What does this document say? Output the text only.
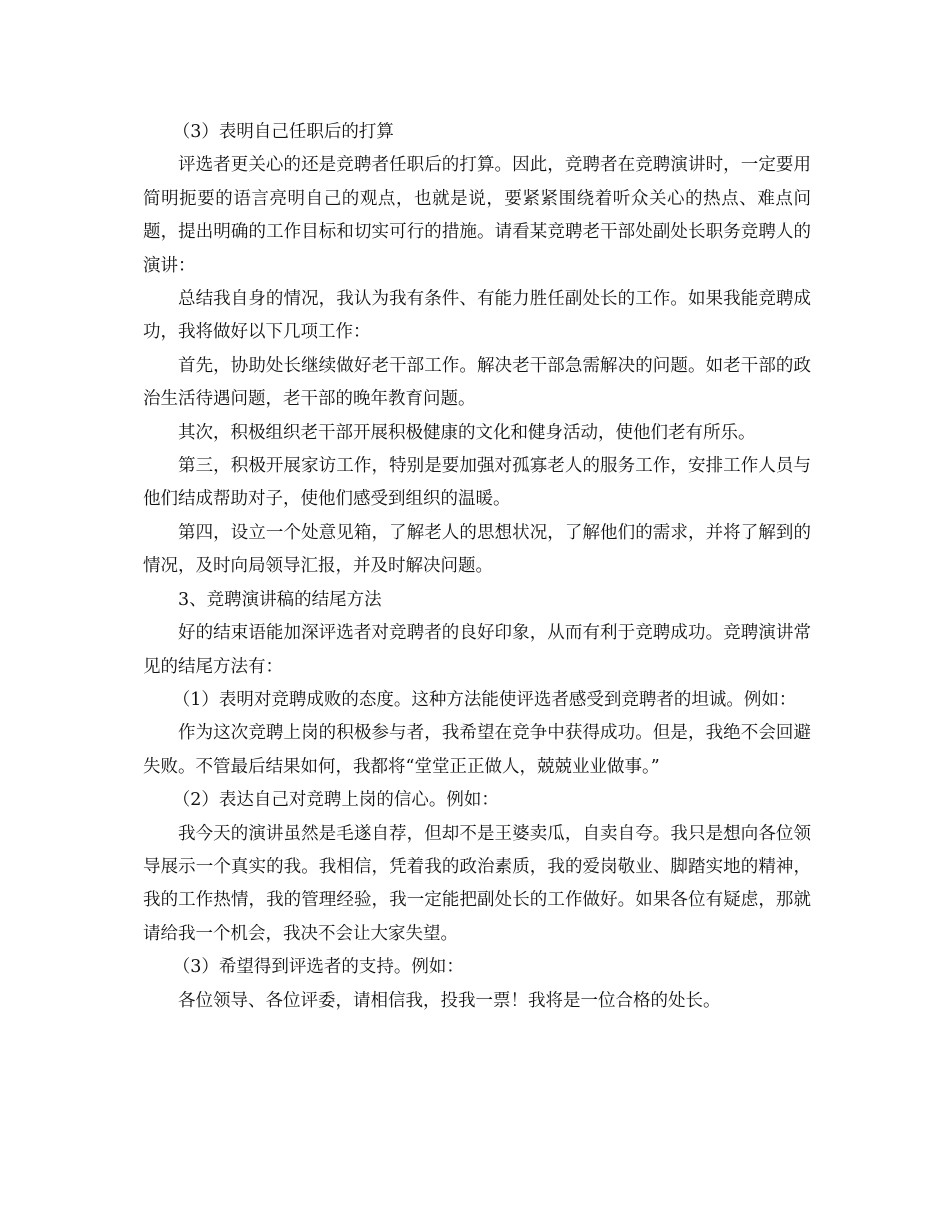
（3）表明自己任职后的打算

评选者更关心的还是竞聘者任职后的打算。因此，竞聘者在竞聘演讲时，一定要用简明扼要的语言亮明自己的观点，也就是说，要紧紧围绕着听众关心的热点、难点问题，提出明确的工作目标和切实可行的措施。请看某竞聘老干部处副处长职务竞聘人的演讲：

总结我自身的情况，我认为我有条件、有能力胜任副处长的工作。如果我能竞聘成功，我将做好以下几项工作：

首先，协助处长继续做好老干部工作。解决老干部急需解决的问题。如老干部的政治生活待遇问题，老干部的晚年教育问题。

其次，积极组织老干部开展积极健康的文化和健身活动，使他们老有所乐。

第三，积极开展家访工作，特别是要加强对孤寡老人的服务工作，安排工作人员与他们结成帮助对子，使他们感受到组织的温暖。

第四，设立一个处意见箱，了解老人的思想状况，了解他们的需求，并将了解到的情况，及时向局领导汇报，并及时解决问题。

3、竞聘演讲稿的结尾方法

好的结束语能加深评选者对竞聘者的良好印象，从而有利于竞聘成功。竞聘演讲常见的结尾方法有：

（1）表明对竞聘成败的态度。这种方法能使评选者感受到竞聘者的坦诚。例如：

作为这次竞聘上岗的积极参与者，我希望在竞争中获得成功。但是，我绝不会回避失败。不管最后结果如何，我都将“堂堂正正做人，兢兢业业做事。”

（2）表达自己对竞聘上岗的信心。例如：

我今天的演讲虽然是毛遂自荐，但却不是王婆卖瓜，自卖自夸。我只是想向各位领导展示一个真实的我。我相信，凭着我的政治素质，我的爱岗敬业、脚踏实地的精神，我的工作热情，我的管理经验，我一定能把副处长的工作做好。如果各位有疑虑，那就请给我一个机会，我决不会让大家失望。

（3）希望得到评选者的支持。例如：

各位领导、各位评委，请相信我，投我一票！我将是一位合格的处长。
